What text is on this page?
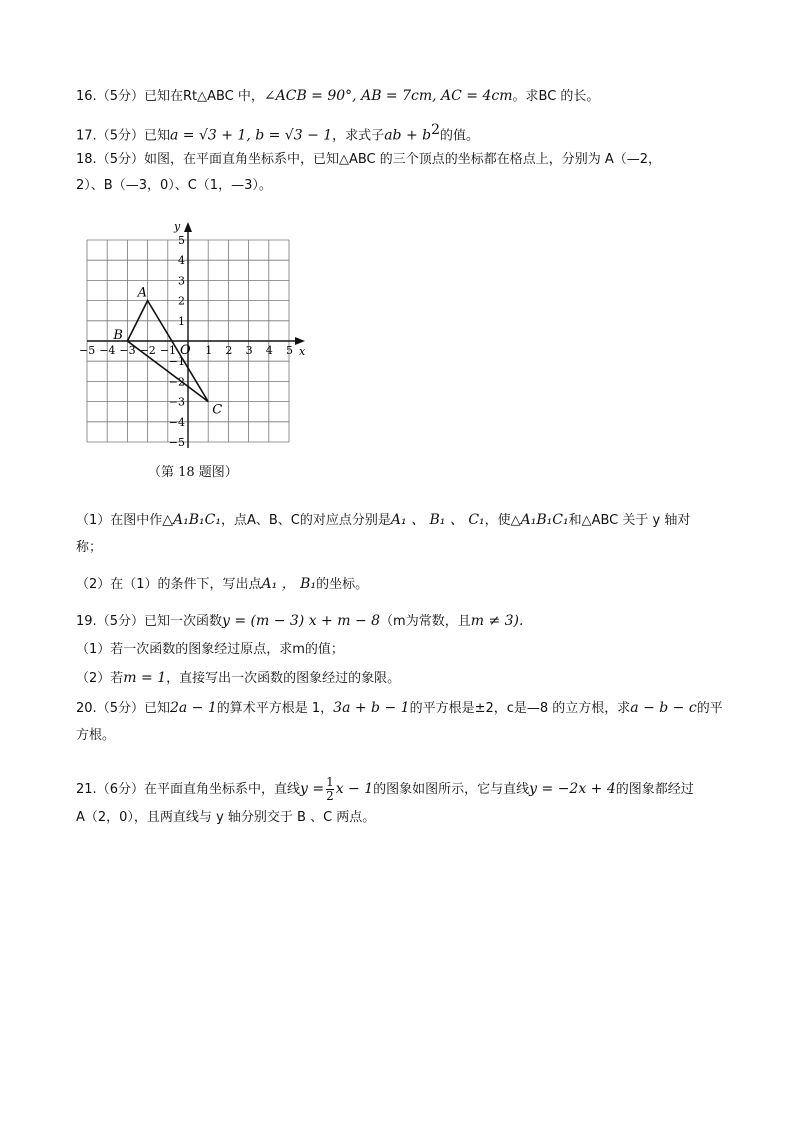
16.（5分）已知在Rt△ABC 中，∠ACB = 90°, AB = 7cm, AC = 4cm。求BC 的长。
17.（5分）已知a = √3 + 1, b = √3 − 1，求式子ab + $b^2$的值。
18.（5分）如图，在平面直角坐标系中，已知△ABC 的三个顶点的坐标都在格点上，分别为 A（—2，
2）、B（—3，0）、C（1，—3）。
−5 −4 −3 −2 −1	1 2 3 4 5
5
4
3
2
1
−1
−2
−3
−4
−5
O	x
y
A
B
C
（第 18 题图）
（1）在图中作△A₁B₁C₁，点A、B、C的对应点分别是A₁ 、 B₁ 、 C₁，使△A₁B₁C₁和△ABC 关于 y 轴对
称；
（2）在（1）的条件下，写出点A₁ ， B₁的坐标。
19.（5分）已知一次函数y = (m − 3) x + m − 8（m为常数，且m ≠ 3).
（1）若一次函数的图象经过原点，求m的值；
（2）若m = 1，直接写出一次函数的图象经过的象限。
20.（5分）已知2a − 1的算术平方根是 1，3a + b − 1的平方根是±2，c是—8 的立方根，求a − b − c的平
方根。
21.（6分）在平面直角坐标系中，直线$y = \frac{1}{2}$ x − 1的图象如图所示，它与直线y = −2x + 4的图象都经过
A（2，0），且两直线与 y 轴分别交于 B 、C 两点。
